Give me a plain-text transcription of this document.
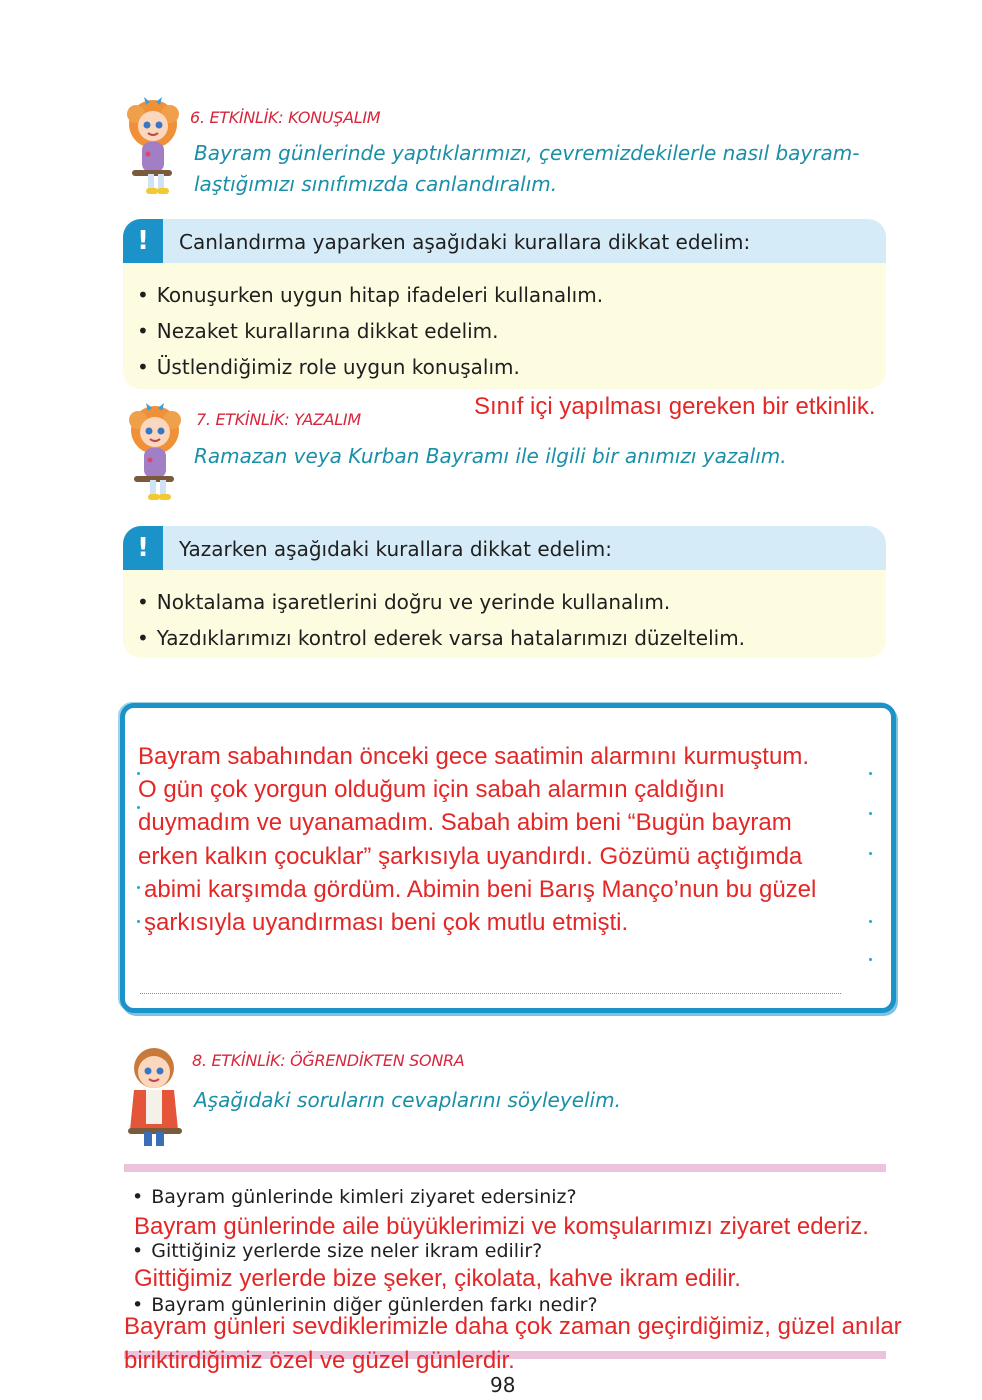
6. ETKİNLİK: KONUŞALIM
Bayram günlerinde yaptıklarımızı, çevremizdekilerle nasıl bayram-
laştığımızı sınıfımızda canlandıralım.
!	Canlandırma yaparken aşağıdaki kurallara dikkat edelim:
• Konuşurken uygun hitap ifadeleri kullanalım.
• Nezaket kurallarına dikkat edelim.
• Üstlendiğimiz role uygun konuşalım.
7. ETKİNLİK: YAZALIM	Sınıf içi yapılması gereken bir etkinlik.
Ramazan veya Kurban Bayramı ile ilgili bir anımızı yazalım.
!	Yazarken aşağıdaki kurallara dikkat edelim:
• Noktalama işaretlerini doğru ve yerinde kullanalım.
• Yazdıklarımızı kontrol ederek varsa hatalarımızı düzeltelim.
Bayram sabahından önceki gece saatimin alarmını kurmuştum.
O gün çok yorgun olduğum için sabah alarmın çaldığını
duymadım ve uyanamadım. Sabah abim beni “Bugün bayram
erken kalkın çocuklar” şarkısıyla uyandırdı. Gözümü açtığımda
abimi karşımda gördüm. Abimin beni Barış Manço’nun bu güzel
şarkısıyla uyandırması beni çok mutlu etmişti.
8. ETKİNLİK: ÖĞRENDİKTEN SONRA
Aşağıdaki soruların cevaplarını söyleyelim.
• Bayram günlerinde kimleri ziyaret edersiniz?
Bayram günlerinde aile büyüklerimizi ve komşularımızı ziyaret ederiz.
• Gittiğiniz yerlerde size neler ikram edilir?
Gittiğimiz yerlerde bize şeker, çikolata, kahve ikram edilir.
• Bayram günlerinin diğer günlerden farkı nedir?
Bayram günleri sevdiklerimizle daha çok zaman geçirdiğimiz, güzel anılar
biriktirdiğimiz özel ve güzel günlerdir.
98
